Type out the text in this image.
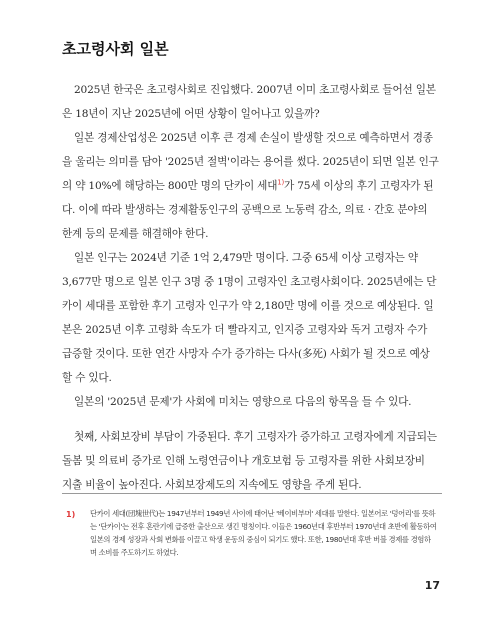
초고령사회 일본
2025년 한국은 초고령사회로 진입했다. 2007년 이미 초고령사회로 들어선 일본
은 18년이 지난 2025년에 어떤 상황이 일어나고 있을까?
일본 경제산업성은 2025년 이후 큰 경제 손실이 발생할 것으로 예측하면서 경종
을 울리는 의미를 담아 '2025년 절벽'이라는 용어를 썼다. 2025년이 되면 일본 인구
의 약 10%에 해당하는 800만 명의 단카이 세대$^{1)}$가 75세 이상의 후기 고령자가 된
다. 이에 따라 발생하는 경제활동인구의 공백으로 노동력 감소, 의료 · 간호 분야의
한계 등의 문제를 해결해야 한다.
일본 인구는 2024년 기준 1억 2,479만 명이다. 그중 65세 이상 고령자는 약
3,677만 명으로 일본 인구 3명 중 1명이 고령자인 초고령사회이다. 2025년에는 단
카이 세대를 포함한 후기 고령자 인구가 약 2,180만 명에 이를 것으로 예상된다. 일
본은 2025년 이후 고령화 속도가 더 빨라지고, 인지증 고령자와 독거 고령자 수가
급증할 것이다. 또한 연간 사망자 수가 증가하는 다사(多死) 사회가 될 것으로 예상
할 수 있다.
일본의 '2025년 문제'가 사회에 미치는 영향으로 다음의 항목을 들 수 있다.
첫째, 사회보장비 부담이 가중된다. 후기 고령자가 증가하고 고령자에게 지급되는
돌봄 및 의료비 증가로 인해 노령연금이나 개호보험 등 고령자를 위한 사회보장비
지출 비율이 높아진다. 사회보장제도의 지속에도 영향을 주게 된다.
1) 단카이 세대(団塊世代)는 1947년부터 1949년 사이에 태어난 '베이비부머' 세대를 말한다. 일본어로 '덩어리'를 뜻하
는 '단카이'는 전후 혼란기에 급증한 출산으로 생긴 명칭이다. 이들은 1960년대 후반부터 1970년대 초반에 활동하여
일본의 경제 성장과 사회 변화를 이끌고 학생 운동의 중심이 되기도 했다. 또한, 1980년대 후반 버블 경제를 경험하
며 소비를 주도하기도 하였다.
17
